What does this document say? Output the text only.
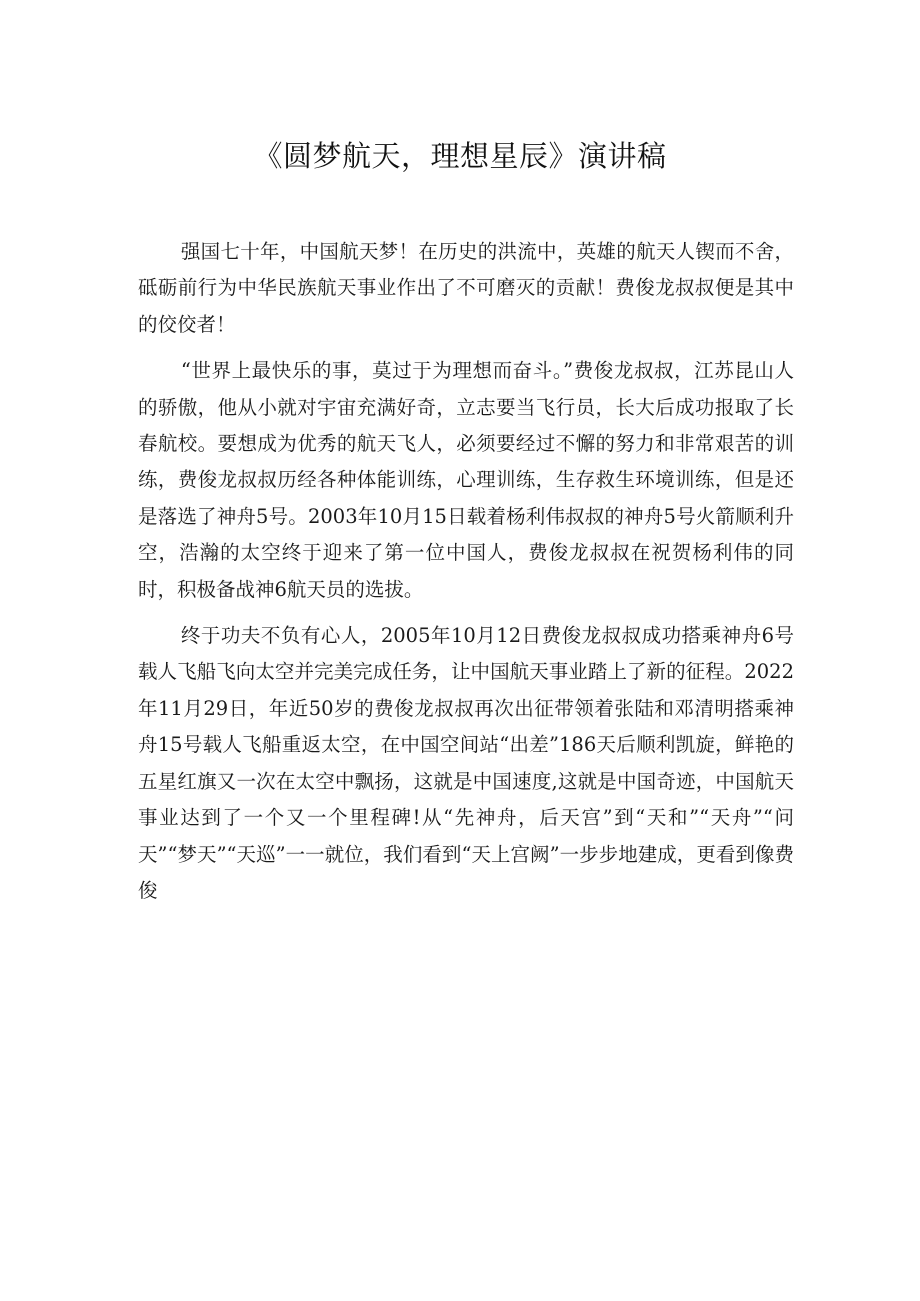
《圆梦航天，理想星辰》演讲稿

强国七十年，中国航天梦！在历史的洪流中，英雄的航天人锲而不舍，砥砺前行为中华民族航天事业作出了不可磨灭的贡献！费俊龙叔叔便是其中的佼佼者！

“世界上最快乐的事，莫过于为理想而奋斗。”费俊龙叔叔，江苏昆山人的骄傲，他从小就对宇宙充满好奇，立志要当飞行员，长大后成功报取了长春航校。要想成为优秀的航天飞人，必须要经过不懈的努力和非常艰苦的训练，费俊龙叔叔历经各种体能训练，心理训练，生存救生环境训练，但是还是落选了神舟5号。2003年10月15日载着杨利伟叔叔的神舟5号火箭顺利升空，浩瀚的太空终于迎来了第一位中国人，费俊龙叔叔在祝贺杨利伟的同时，积极备战神6航天员的选拔。

终于功夫不负有心人，2005年10月12日费俊龙叔叔成功搭乘神舟6号载人飞船飞向太空并完美完成任务，让中国航天事业踏上了新的征程。2022年11月29日，年近50岁的费俊龙叔叔再次出征带领着张陆和邓清明搭乘神舟15号载人飞船重返太空，在中国空间站“出差”186天后顺利凯旋，鲜艳的五星红旗又一次在太空中飘扬，这就是中国速度,这就是中国奇迹，中国航天事业达到了一个又一个里程碑!从“先神舟，后天宫”到“天和”“天舟”“问天”“梦天”“天巡”一一就位，我们看到“天上宫阙”一步步地建成，更看到像费俊
